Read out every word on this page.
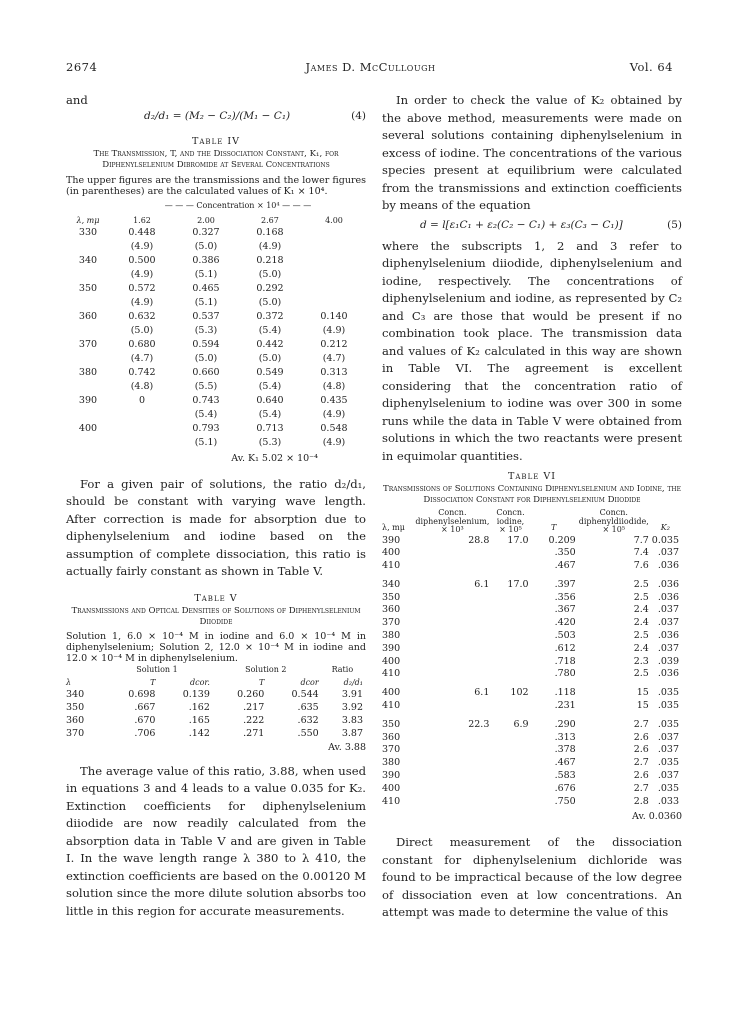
2674	James D. McCullough	Vol. 64
and
d₂/d₁ = (M₂ − C₂)/(M₁ − C₁)	(4)
Table IV
The Transmission, T, and the Dissociation Constant, K₁, for Diphenylselenium Dibromide at Several Concentrations
The upper figures are the transmissions and the lower figures (in parentheses) are the calculated values of K₁ × 10⁴.
	— — — Concentration × 10⁴ — — —			
λ, mμ	1.62	2.00	2.67	4.00
330	0.448	0.327	0.168	
	(4.9)	(5.0)	(4.9)	
340	0.500	0.386	0.218	
	(4.9)	(5.1)	(5.0)	
350	0.572	0.465	0.292	
	(4.9)	(5.1)	(5.0)	
360	0.632	0.537	0.372	0.140
	(5.0)	(5.3)	(5.4)	(4.9)
370	0.680	0.594	0.442	0.212
	(4.7)	(5.0)	(5.0)	(4.7)
380	0.742	0.660	0.549	0.313
	(4.8)	(5.5)	(5.4)	(4.8)
390	0	0.743	0.640	0.435
		(5.4)	(5.4)	(4.9)
400		0.793	0.713	0.548
		(5.1)	(5.3)	(4.9)
Av. K₁ 5.02 × 10⁻⁴
For a given pair of solutions, the ratio d₂/d₁, should be constant with varying wave length. After correction is made for absorption due to diphenylselenium and iodine based on the assumption of complete dissociation, this ratio is actually fairly constant as shown in Table V.
Table V
Transmissions and Optical Densities of Solutions of Diphenylselenium Diiodide
Solution 1, 6.0 × 10⁻⁴ M in iodine and 6.0 × 10⁻⁴ M in diphenylselenium; Solution 2, 12.0 × 10⁻⁴ M in iodine and 12.0 × 10⁻⁴ M in diphenylselenium.
	Solution 1		Solution 2		Ratio
λ	T	dcor.	T	dcor	d₂/d₁
340	0.698	0.139	0.260	0.544	3.91
350	.667	.162	.217	.635	3.92
360	.670	.165	.222	.632	3.83
370	.706	.142	.271	.550	3.87
Av. 3.88
The average value of this ratio, 3.88, when used in equations 3 and 4 leads to a value 0.035 for K₂. Extinction coefficients for diphenylselenium diiodide are now readily calculated from the absorption data in Table V and are given in Table I. In the wave length range λ 380 to λ 410, the extinction coefficients are based on the 0.00120 M solution since the more dilute solution absorbs too little in this region for accurate measurements.
In order to check the value of K₂ obtained by the above method, measurements were made on several solutions containing diphenylselenium in excess of iodine. The concentrations of the various species present at equilibrium were calculated from the transmissions and extinction coefficients by means of the equation
d = l[ε₁C₁ + ε₂(C₂ − C₁) + ε₃(C₃ − C₁)]	(5)
where the subscripts 1, 2 and 3 refer to diphenylselenium diiodide, diphenylselenium and iodine, respectively. The concentrations of diphenylselenium and iodine, as represented by C₂ and C₃ are those that would be present if no combination took place. The transmission data and values of K₂ calculated in this way are shown in Table VI. The agreement is excellent considering that the concentration ratio of diphenylselenium to iodine was over 300 in some runs while the data in Table V were obtained from solutions in which the two reactants were present in equimolar quantities.
Table VI
Transmissions of Solutions Containing Diphenylselenium and Iodine, the Dissociation Constant for Diphenylselenium Diiodide
λ, mμ	Concn. diphenylselenium, × 10³	Concn. iodine, × 10⁵	T	Concn. diphenyldiiodide, × 10⁵	K₂
390	28.8	17.0	0.209	7.7	0.035
400			.350	7.4	.037
410			.467	7.6	.036
340	6.1	17.0	.397	2.5	.036
350			.356	2.5	.036
360			.367	2.4	.037
370			.420	2.4	.037
380			.503	2.5	.036
390			.612	2.4	.037
400			.718	2.3	.039
410			.780	2.5	.036
400	6.1	102	.118	15	.035
410			.231	15	.035
350	22.3	6.9	.290	2.7	.035
360			.313	2.6	.037
370			.378	2.6	.037
380			.467	2.7	.035
390			.583	2.6	.037
400			.676	2.7	.035
410			.750	2.8	.033
Av. 0.0360
Direct measurement of the dissociation constant for diphenylselenium dichloride was found to be impractical because of the low degree of dissociation even at low concentrations. An attempt was made to determine the value of this
